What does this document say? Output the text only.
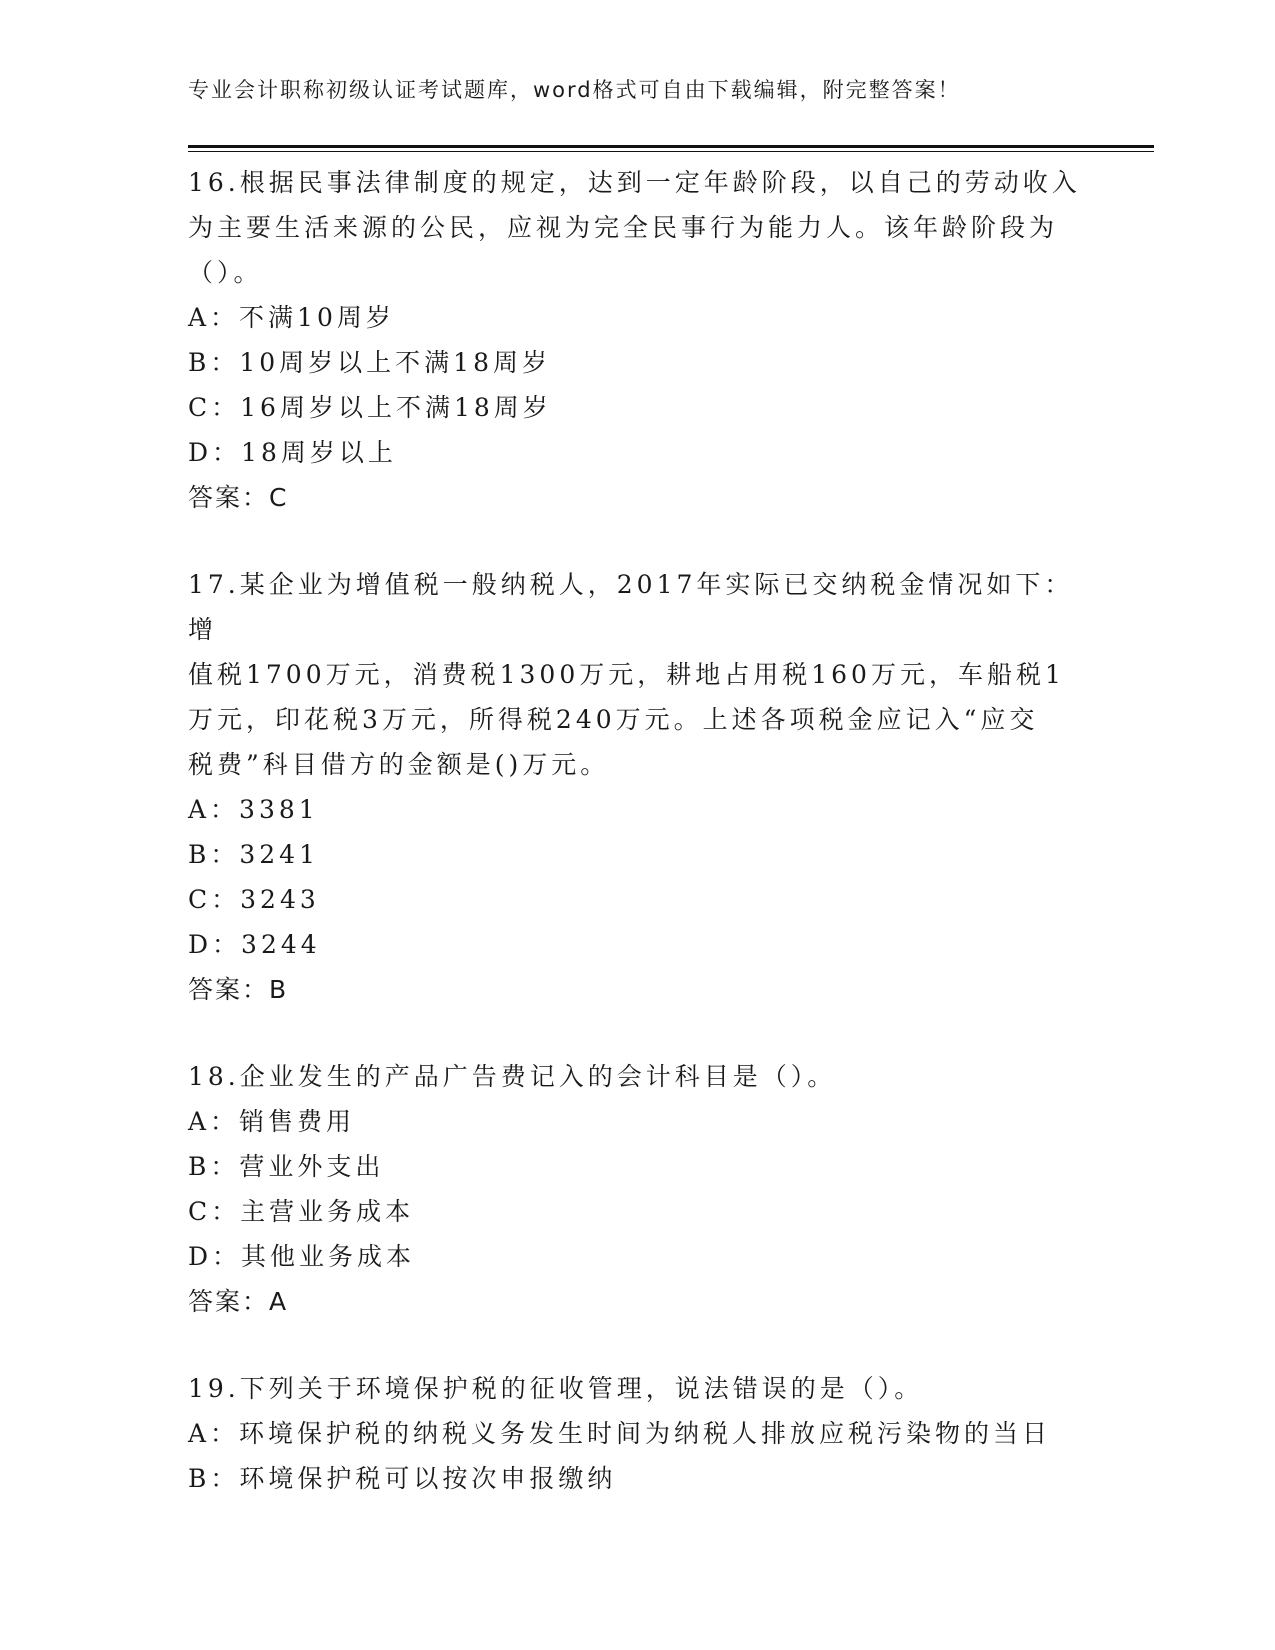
专业会计职称初级认证考试题库，word格式可自由下载编辑，附完整答案！
16.根据民事法律制度的规定，达到一定年龄阶段，以自己的劳动收入
为主要生活来源的公民，应视为完全民事行为能力人。该年龄阶段为
（）。
A：不满10周岁
B：10周岁以上不满18周岁
C：16周岁以上不满18周岁
D：18周岁以上
答案：C
17.某企业为增值税一般纳税人，2017年实际已交纳税金情况如下：增
值税1700万元，消费税1300万元，耕地占用税160万元，车船税1
万元，印花税3万元，所得税240万元。上述各项税金应记入“应交
税费”科目借方的金额是()万元。
A：3381
B：3241
C：3243
D：3244
答案：B
18.企业发生的产品广告费记入的会计科目是（）。
A：销售费用
B：营业外支出
C：主营业务成本
D：其他业务成本
答案：A
19.下列关于环境保护税的征收管理，说法错误的是（）。
A：环境保护税的纳税义务发生时间为纳税人排放应税污染物的当日
B：环境保护税可以按次申报缴纳
